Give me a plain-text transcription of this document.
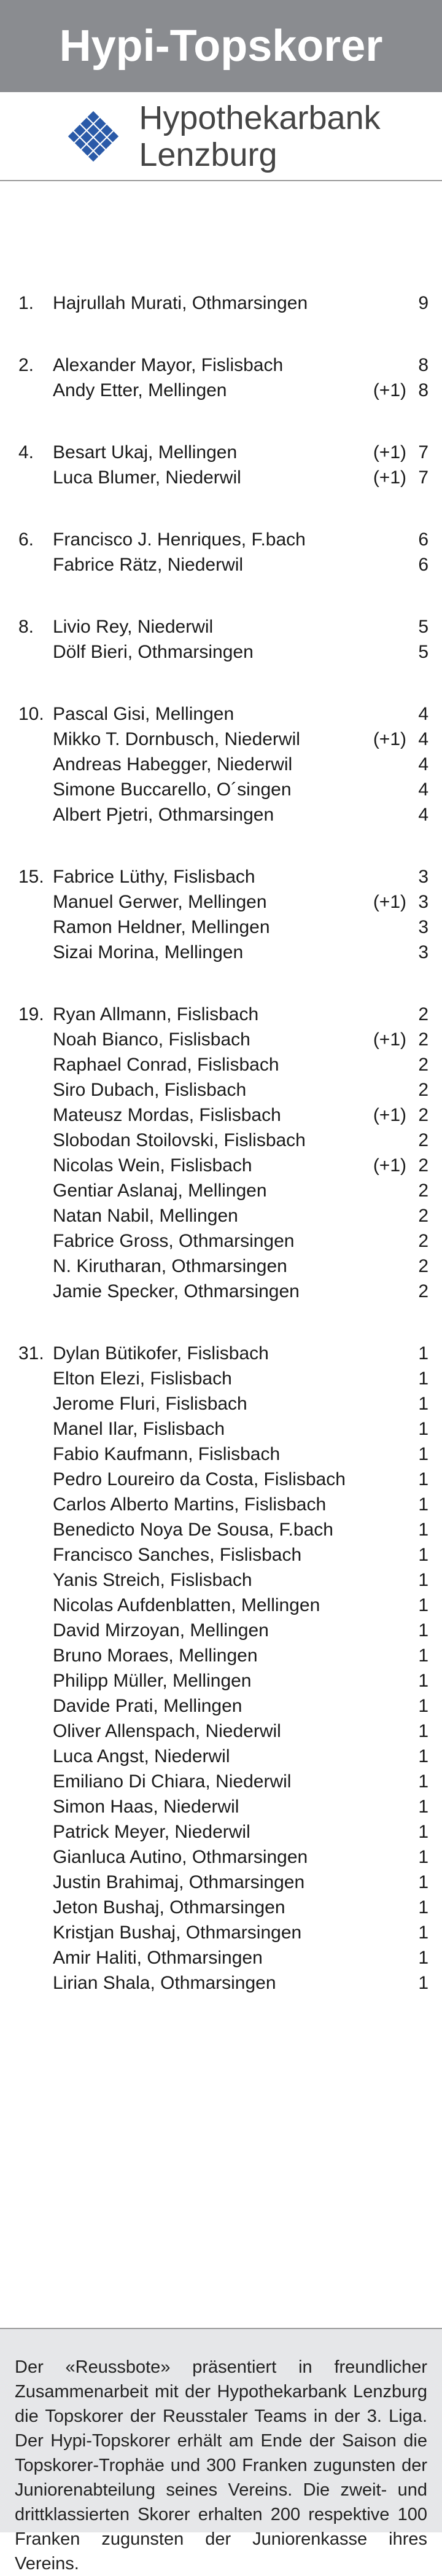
Hypi-Topskorer
Hypothekarbank
Lenzburg
1.	Hajrullah Murati, Othmarsingen	9
2.	Alexander Mayor, Fislisbach	8
Andy Etter, Mellingen	(+1) 8
4.	Besart Ukaj, Mellingen	(+1) 7
Luca Blumer, Niederwil	(+1) 7
6.	Francisco J. Henriques, F.bach	6
Fabrice Rätz, Niederwil	6
8.	Livio Rey, Niederwil	5
Dölf Bieri, Othmarsingen	5
10. Pascal Gisi, Mellingen	4
Mikko T. Dornbusch, Niederwil	(+1) 4
Andreas Habegger, Niederwil	4
Simone Buccarello, O´singen	4
Albert Pjetri, Othmarsingen	4
15. Fabrice Lüthy, Fislisbach	3
Manuel Gerwer, Mellingen	(+1) 3
Ramon Heldner, Mellingen	3
Sizai Morina, Mellingen	3
19. Ryan Allmann, Fislisbach	2
Noah Bianco, Fislisbach	(+1) 2
Raphael Conrad, Fislisbach	2
Siro Dubach, Fislisbach	2
Mateusz Mordas, Fislisbach	(+1) 2
Slobodan Stoilovski, Fislisbach	2
Nicolas Wein, Fislisbach	(+1) 2
Gentiar Aslanaj, Mellingen	2
Natan Nabil, Mellingen	2
Fabrice Gross, Othmarsingen	2
N. Kirutharan, Othmarsingen	2
Jamie Specker, Othmarsingen	2
31. Dylan Bütikofer, Fislisbach	1
Elton Elezi, Fislisbach	1
Jerome Fluri, Fislisbach	1
Manel Ilar, Fislisbach	1
Fabio Kaufmann, Fislisbach	1
Pedro Loureiro da Costa, Fislisbach	1
Carlos Alberto Martins, Fislisbach	1
Benedicto Noya De Sousa, F.bach	1
Francisco Sanches, Fislisbach	1
Yanis Streich, Fislisbach	1
Nicolas Aufdenblatten, Mellingen	1
David Mirzoyan, Mellingen	1
Bruno Moraes, Mellingen	1
Philipp Müller, Mellingen	1
Davide Prati, Mellingen	1
Oliver Allenspach, Niederwil	1
Luca Angst, Niederwil	1
Emiliano Di Chiara, Niederwil	1
Simon Haas, Niederwil	1
Patrick Meyer, Niederwil	1
Gianluca Autino, Othmarsingen	1
Justin Brahimaj, Othmarsingen	1
Jeton Bushaj, Othmarsingen	1
Kristjan Bushaj, Othmarsingen	1
Amir Haliti, Othmarsingen	1
Lirian Shala, Othmarsingen	1

Der «Reussbote» präsentiert in freundlicher Zusammenarbeit mit der Hypothekarbank Lenzburg die Topskorer der Reusstaler Teams in der 3. Liga. Der Hypi-Topskorer erhält am Ende der Saison die Topskorer-Trophäe und 300 Franken zugunsten der Juniorenabteilung seines Vereins. Die zweit- und drittklassierten Skorer erhalten 200 respektive 100 Franken zugunsten der Juniorenkasse ihres Vereins.
